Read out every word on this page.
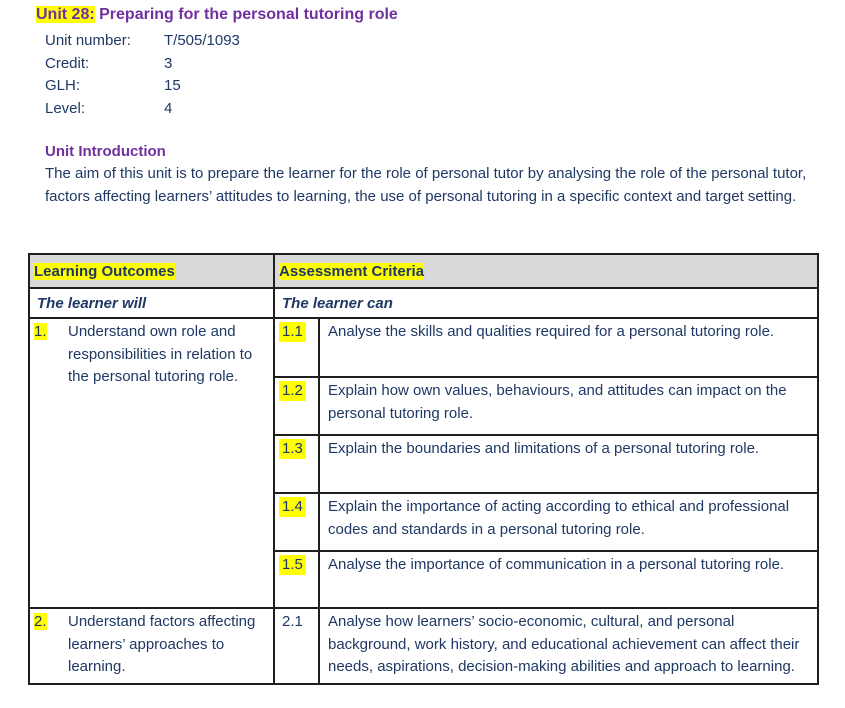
Unit 28: Preparing for the personal tutoring role
Unit number: T/505/1093
Credit:	3
GLH:	15
Level:	4
Unit Introduction
The aim of this unit is to prepare the learner for the role of personal tutor by analysing the role of the personal tutor, factors affecting learners’ attitudes to learning, the use of personal tutoring in a specific context and target setting.
Learning Outcomes	Assessment Criteria

The learner will	The learner can

1.	Understand own role and responsibilities in relation to the personal tutoring role.

1.1	Analyse the skills and qualities required for a personal tutoring role.
1.2	Explain how own values, behaviours, and attitudes can impact on the personal tutoring role.
1.3	Explain the boundaries and limitations of a personal tutoring role.
1.4	Explain the importance of acting according to ethical and professional codes and standards in a personal tutoring role.
1.5	Analyse the importance of communication in a personal tutoring role.

2.	Understand factors affecting learners’ approaches to learning.

2.1	Analyse how learners’ socio-economic, cultural, and personal background, work history, and educational achievement can affect their needs, aspirations, decision-making abilities and approach to learning.
